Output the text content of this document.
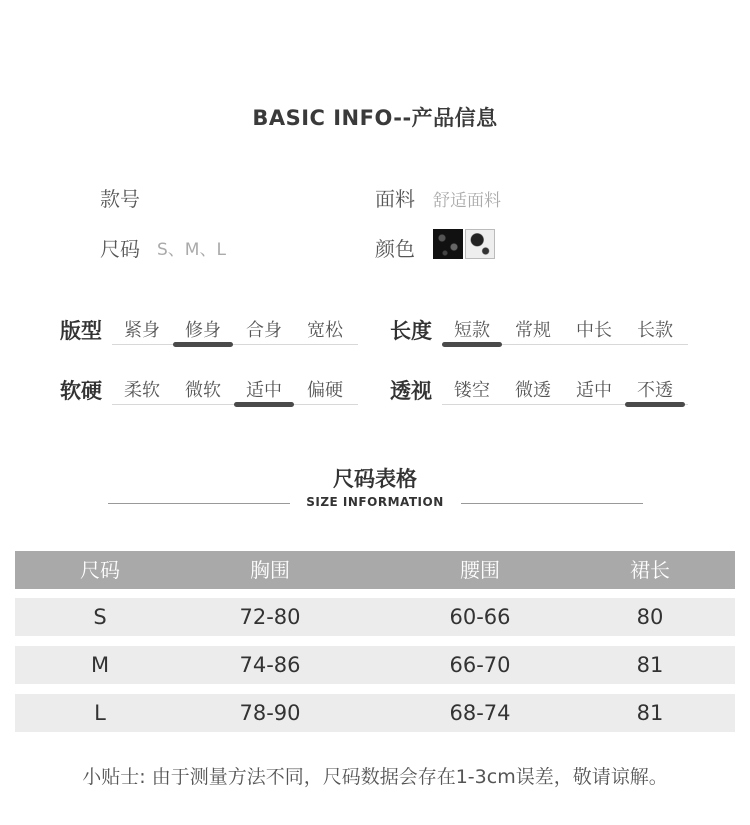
BASIC INFO--产品信息
款号
尺码 S、M、L
面料 舒适面料
颜色
版型	紧身	修身	合身	宽松	长度	短款	常规	中长	长款
软硬	柔软	微软	适中	偏硬	透视	镂空	微透	适中	不透
尺码表格
SIZE INFORMATION
尺码	胸围	腰围	裙长
S	72-80	60-66	80
M	74-86	66-70	81
L	78-90	68-74	81
小贴士: 由于测量方法不同，尺码数据会存在1-3cm误差，敬请谅解。
